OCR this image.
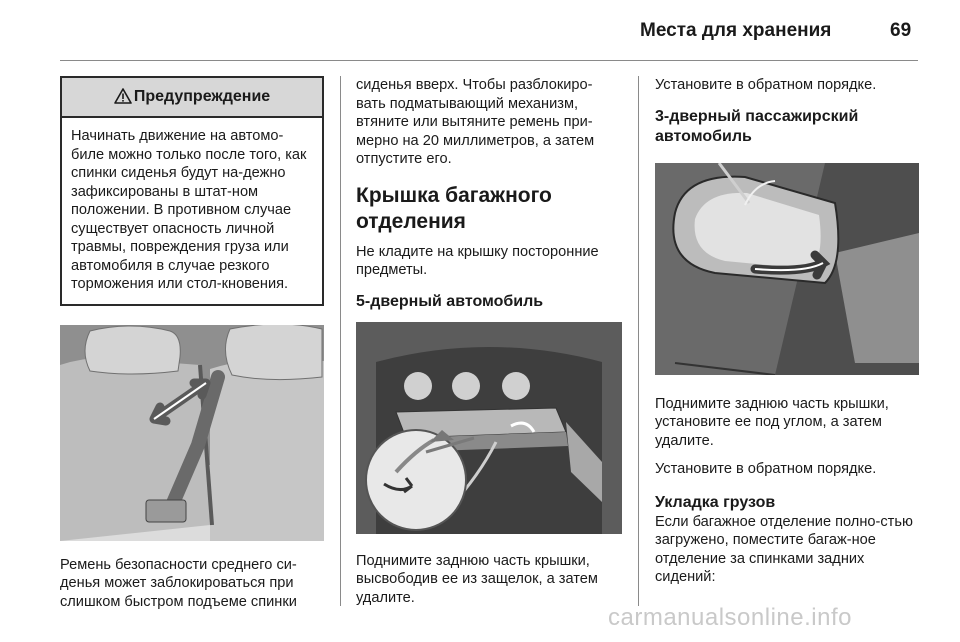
Места для хранения	69
Предупреждение
Начинать движение на автомо-биле можно только после того, как спинки сиденья будут на-дежно зафиксированы в штат-ном положении. В противном случае существует опасность личной травмы, повреждения груза или автомобиля в случае резкого торможения или стол-кновения.
Ремень безопасности среднего си-денья может заблокироваться при слишком быстром подъеме спинки
сиденья вверх. Чтобы разблокиро-вать подматывающий механизм, втяните или вытяните ремень при-мерно на 20 миллиметров, а затем отпустите его.
Крышка багажного отделения
Не кладите на крышку посторонние предметы.
5-дверный автомобиль
Поднимите заднюю часть крышки, высвободив ее из защелок, а затем удалите.
Установите в обратном порядке.
3-дверный пассажирский автомобиль
Поднимите заднюю часть крышки, установите ее под углом, а затем удалите.
Установите в обратном порядке.
Укладка грузов
Если багажное отделение полно-стью загружено, поместите багаж-ное отделение за спинками задних сидений:
carmanualsonline.info
